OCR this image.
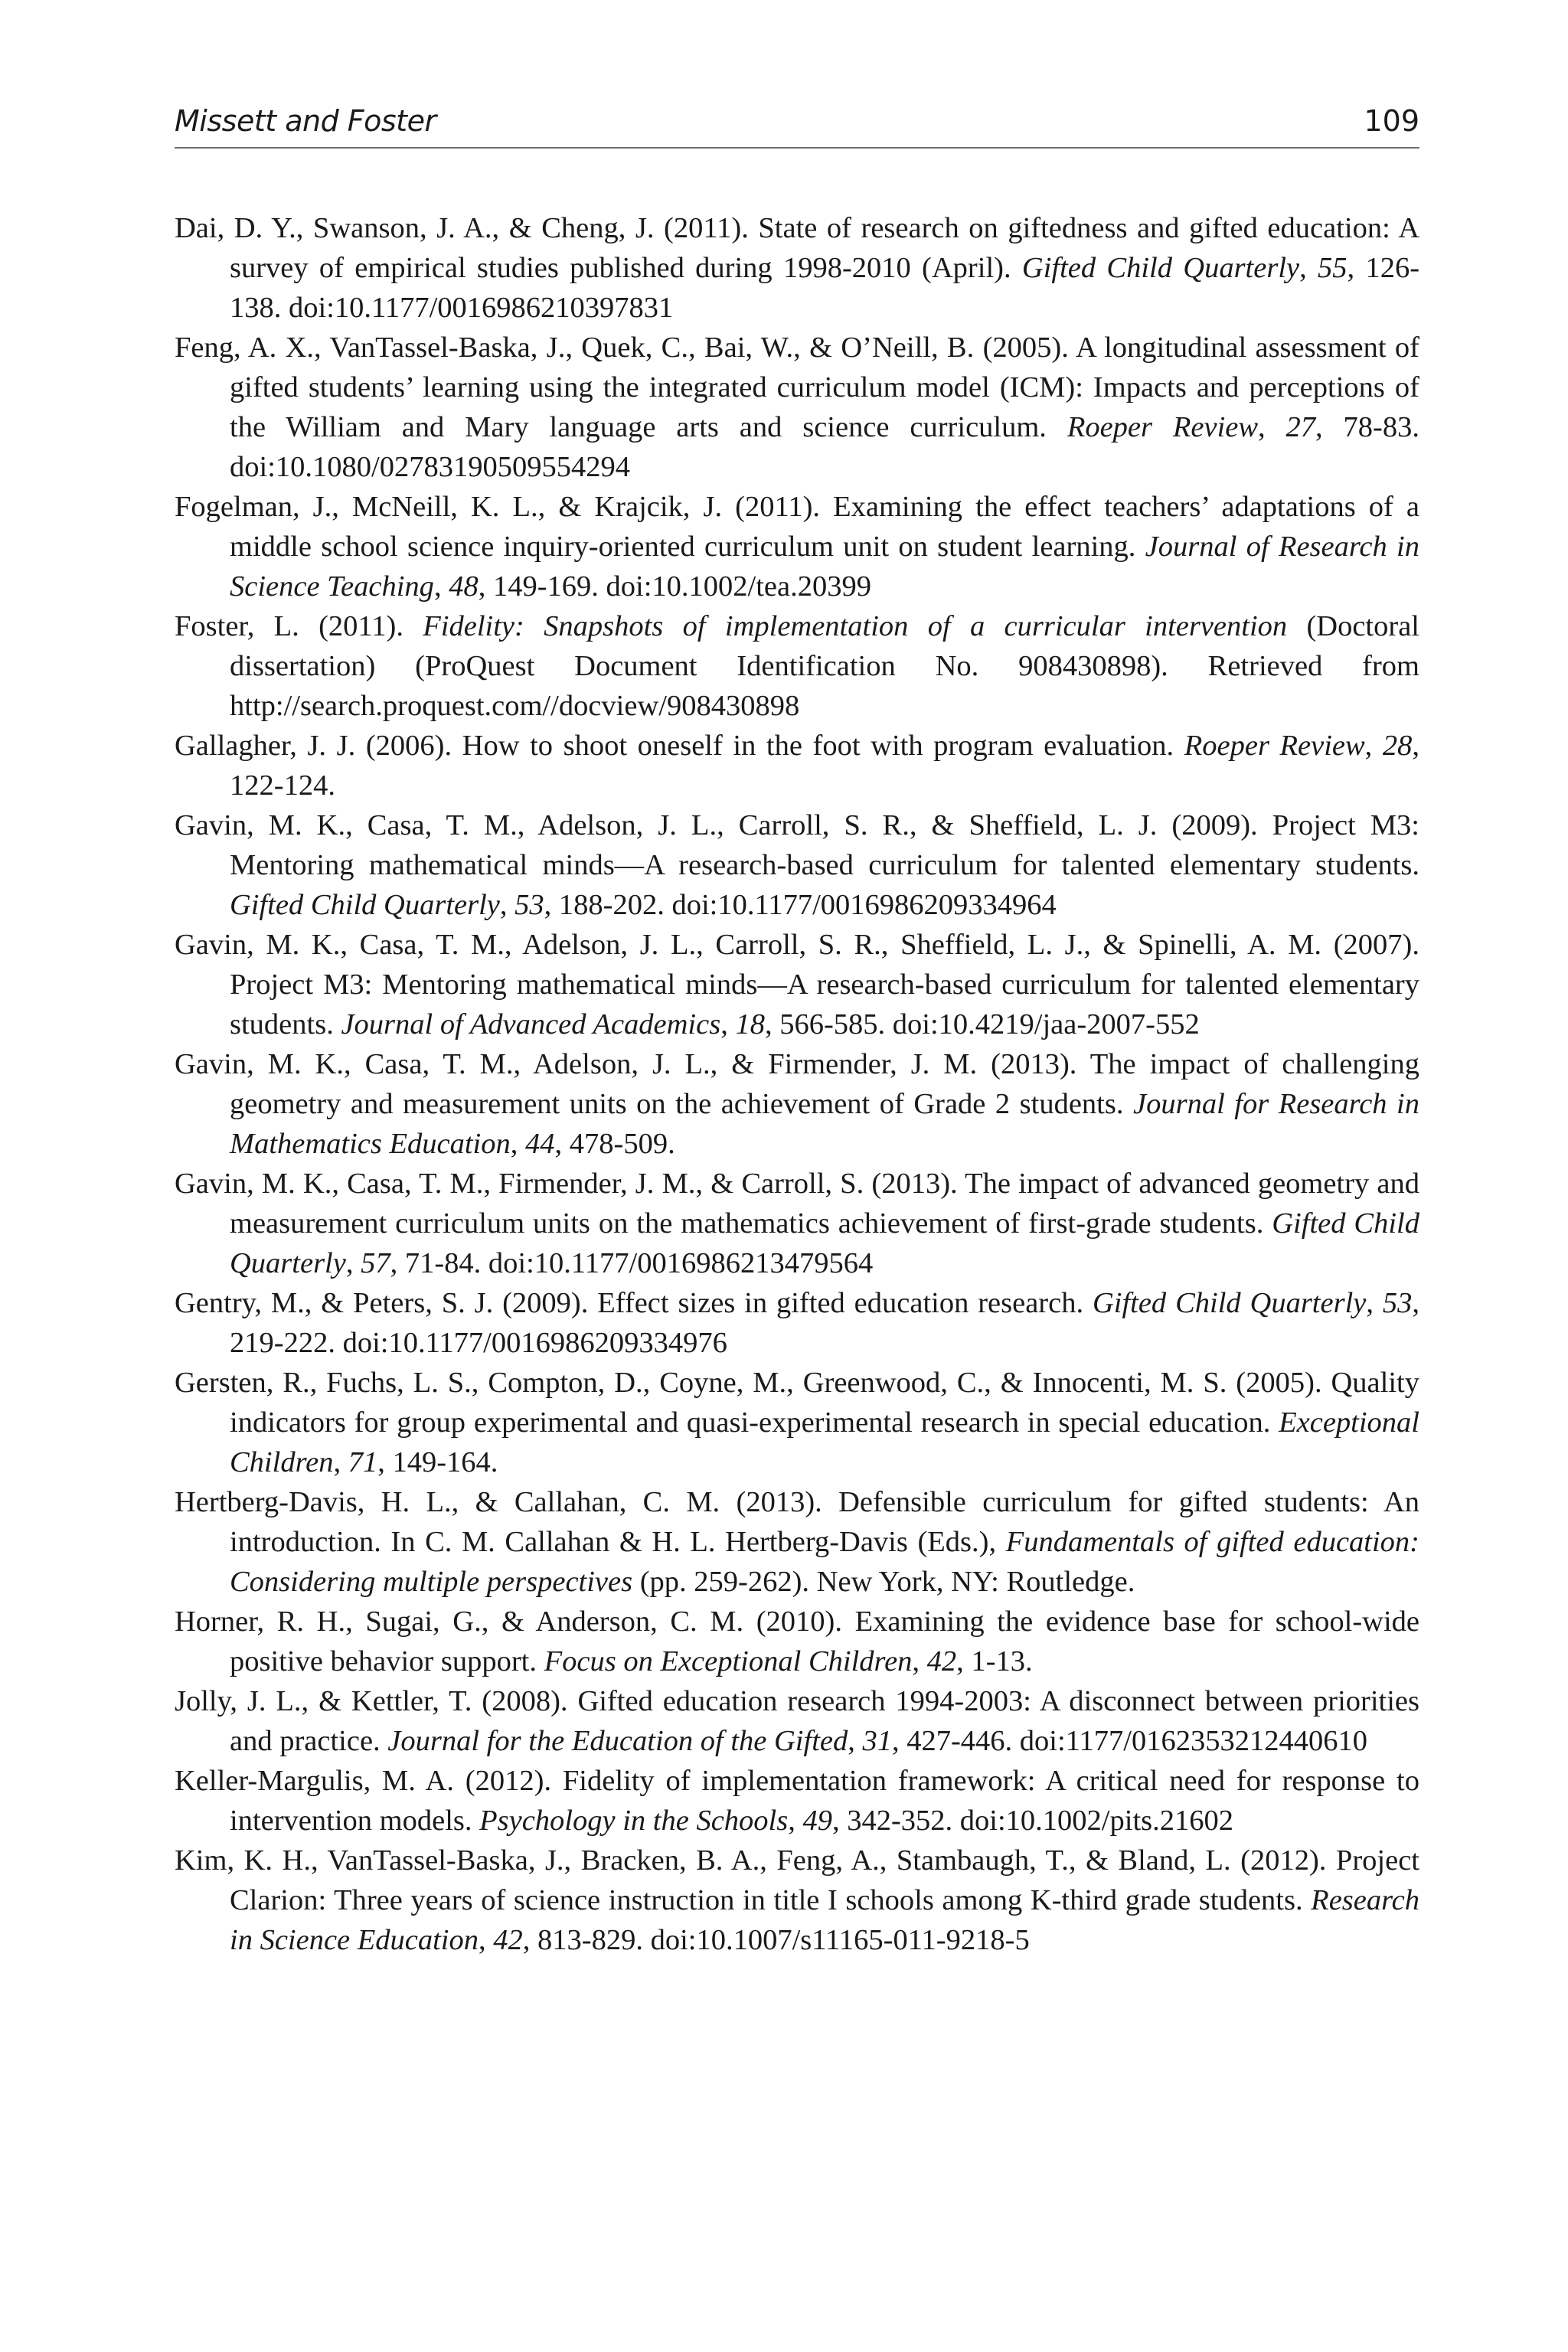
Missett and Foster	109

Dai, D. Y., Swanson, J. A., & Cheng, J. (2011). State of research on giftedness and gifted education: A survey of empirical studies published during 1998-2010 (April). Gifted Child Quarterly, 55, 126-138. doi:10.1177/0016986210397831

Feng, A. X., VanTassel-Baska, J., Quek, C., Bai, W., & O’Neill, B. (2005). A longitudinal assessment of gifted students’ learning using the integrated curriculum model (ICM): Impacts and perceptions of the William and Mary language arts and science curriculum. Roeper Review, 27, 78-83. doi:10.1080/02783190509554294

Fogelman, J., McNeill, K. L., & Krajcik, J. (2011). Examining the effect teachers’ adaptations of a middle school science inquiry-oriented curriculum unit on student learning. Journal of Research in Science Teaching, 48, 149-169. doi:10.1002/tea.20399

Foster, L. (2011). Fidelity: Snapshots of implementation of a curricular intervention (Doctoral dissertation) (ProQuest Document Identification No. 908430898). Retrieved from http://search.proquest.com//docview/908430898

Gallagher, J. J. (2006). How to shoot oneself in the foot with program evaluation. Roeper Review, 28, 122-124.

Gavin, M. K., Casa, T. M., Adelson, J. L., Carroll, S. R., & Sheffield, L. J. (2009). Project M3: Mentoring mathematical minds—A research-based curriculum for talented elementary students. Gifted Child Quarterly, 53, 188-202. doi:10.1177/0016986209334964

Gavin, M. K., Casa, T. M., Adelson, J. L., Carroll, S. R., Sheffield, L. J., & Spinelli, A. M. (2007). Project M3: Mentoring mathematical minds—A research-based curriculum for talented elementary students. Journal of Advanced Academics, 18, 566-585. doi:10.4219/jaa-2007-552

Gavin, M. K., Casa, T. M., Adelson, J. L., & Firmender, J. M. (2013). The impact of challenging geometry and measurement units on the achievement of Grade 2 students. Journal for Research in Mathematics Education, 44, 478-509.

Gavin, M. K., Casa, T. M., Firmender, J. M., & Carroll, S. (2013). The impact of advanced geometry and measurement curriculum units on the mathematics achievement of first-grade students. Gifted Child Quarterly, 57, 71-84. doi:10.1177/0016986213479564

Gentry, M., & Peters, S. J. (2009). Effect sizes in gifted education research. Gifted Child Quarterly, 53, 219-222. doi:10.1177/0016986209334976

Gersten, R., Fuchs, L. S., Compton, D., Coyne, M., Greenwood, C., & Innocenti, M. S. (2005). Quality indicators for group experimental and quasi-experimental research in special education. Exceptional Children, 71, 149-164.

Hertberg-Davis, H. L., & Callahan, C. M. (2013). Defensible curriculum for gifted students: An introduction. In C. M. Callahan & H. L. Hertberg-Davis (Eds.), Fundamentals of gifted education: Considering multiple perspectives (pp. 259-262). New York, NY: Routledge.

Horner, R. H., Sugai, G., & Anderson, C. M. (2010). Examining the evidence base for school-wide positive behavior support. Focus on Exceptional Children, 42, 1-13.

Jolly, J. L., & Kettler, T. (2008). Gifted education research 1994-2003: A disconnect between priorities and practice. Journal for the Education of the Gifted, 31, 427-446. doi:1177/0162353212440610

Keller-Margulis, M. A. (2012). Fidelity of implementation framework: A critical need for response to intervention models. Psychology in the Schools, 49, 342-352. doi:10.1002/pits.21602

Kim, K. H., VanTassel-Baska, J., Bracken, B. A., Feng, A., Stambaugh, T., & Bland, L. (2012). Project Clarion: Three years of science instruction in title I schools among K-third grade students. Research in Science Education, 42, 813-829. doi:10.1007/s11165-011-9218-5
